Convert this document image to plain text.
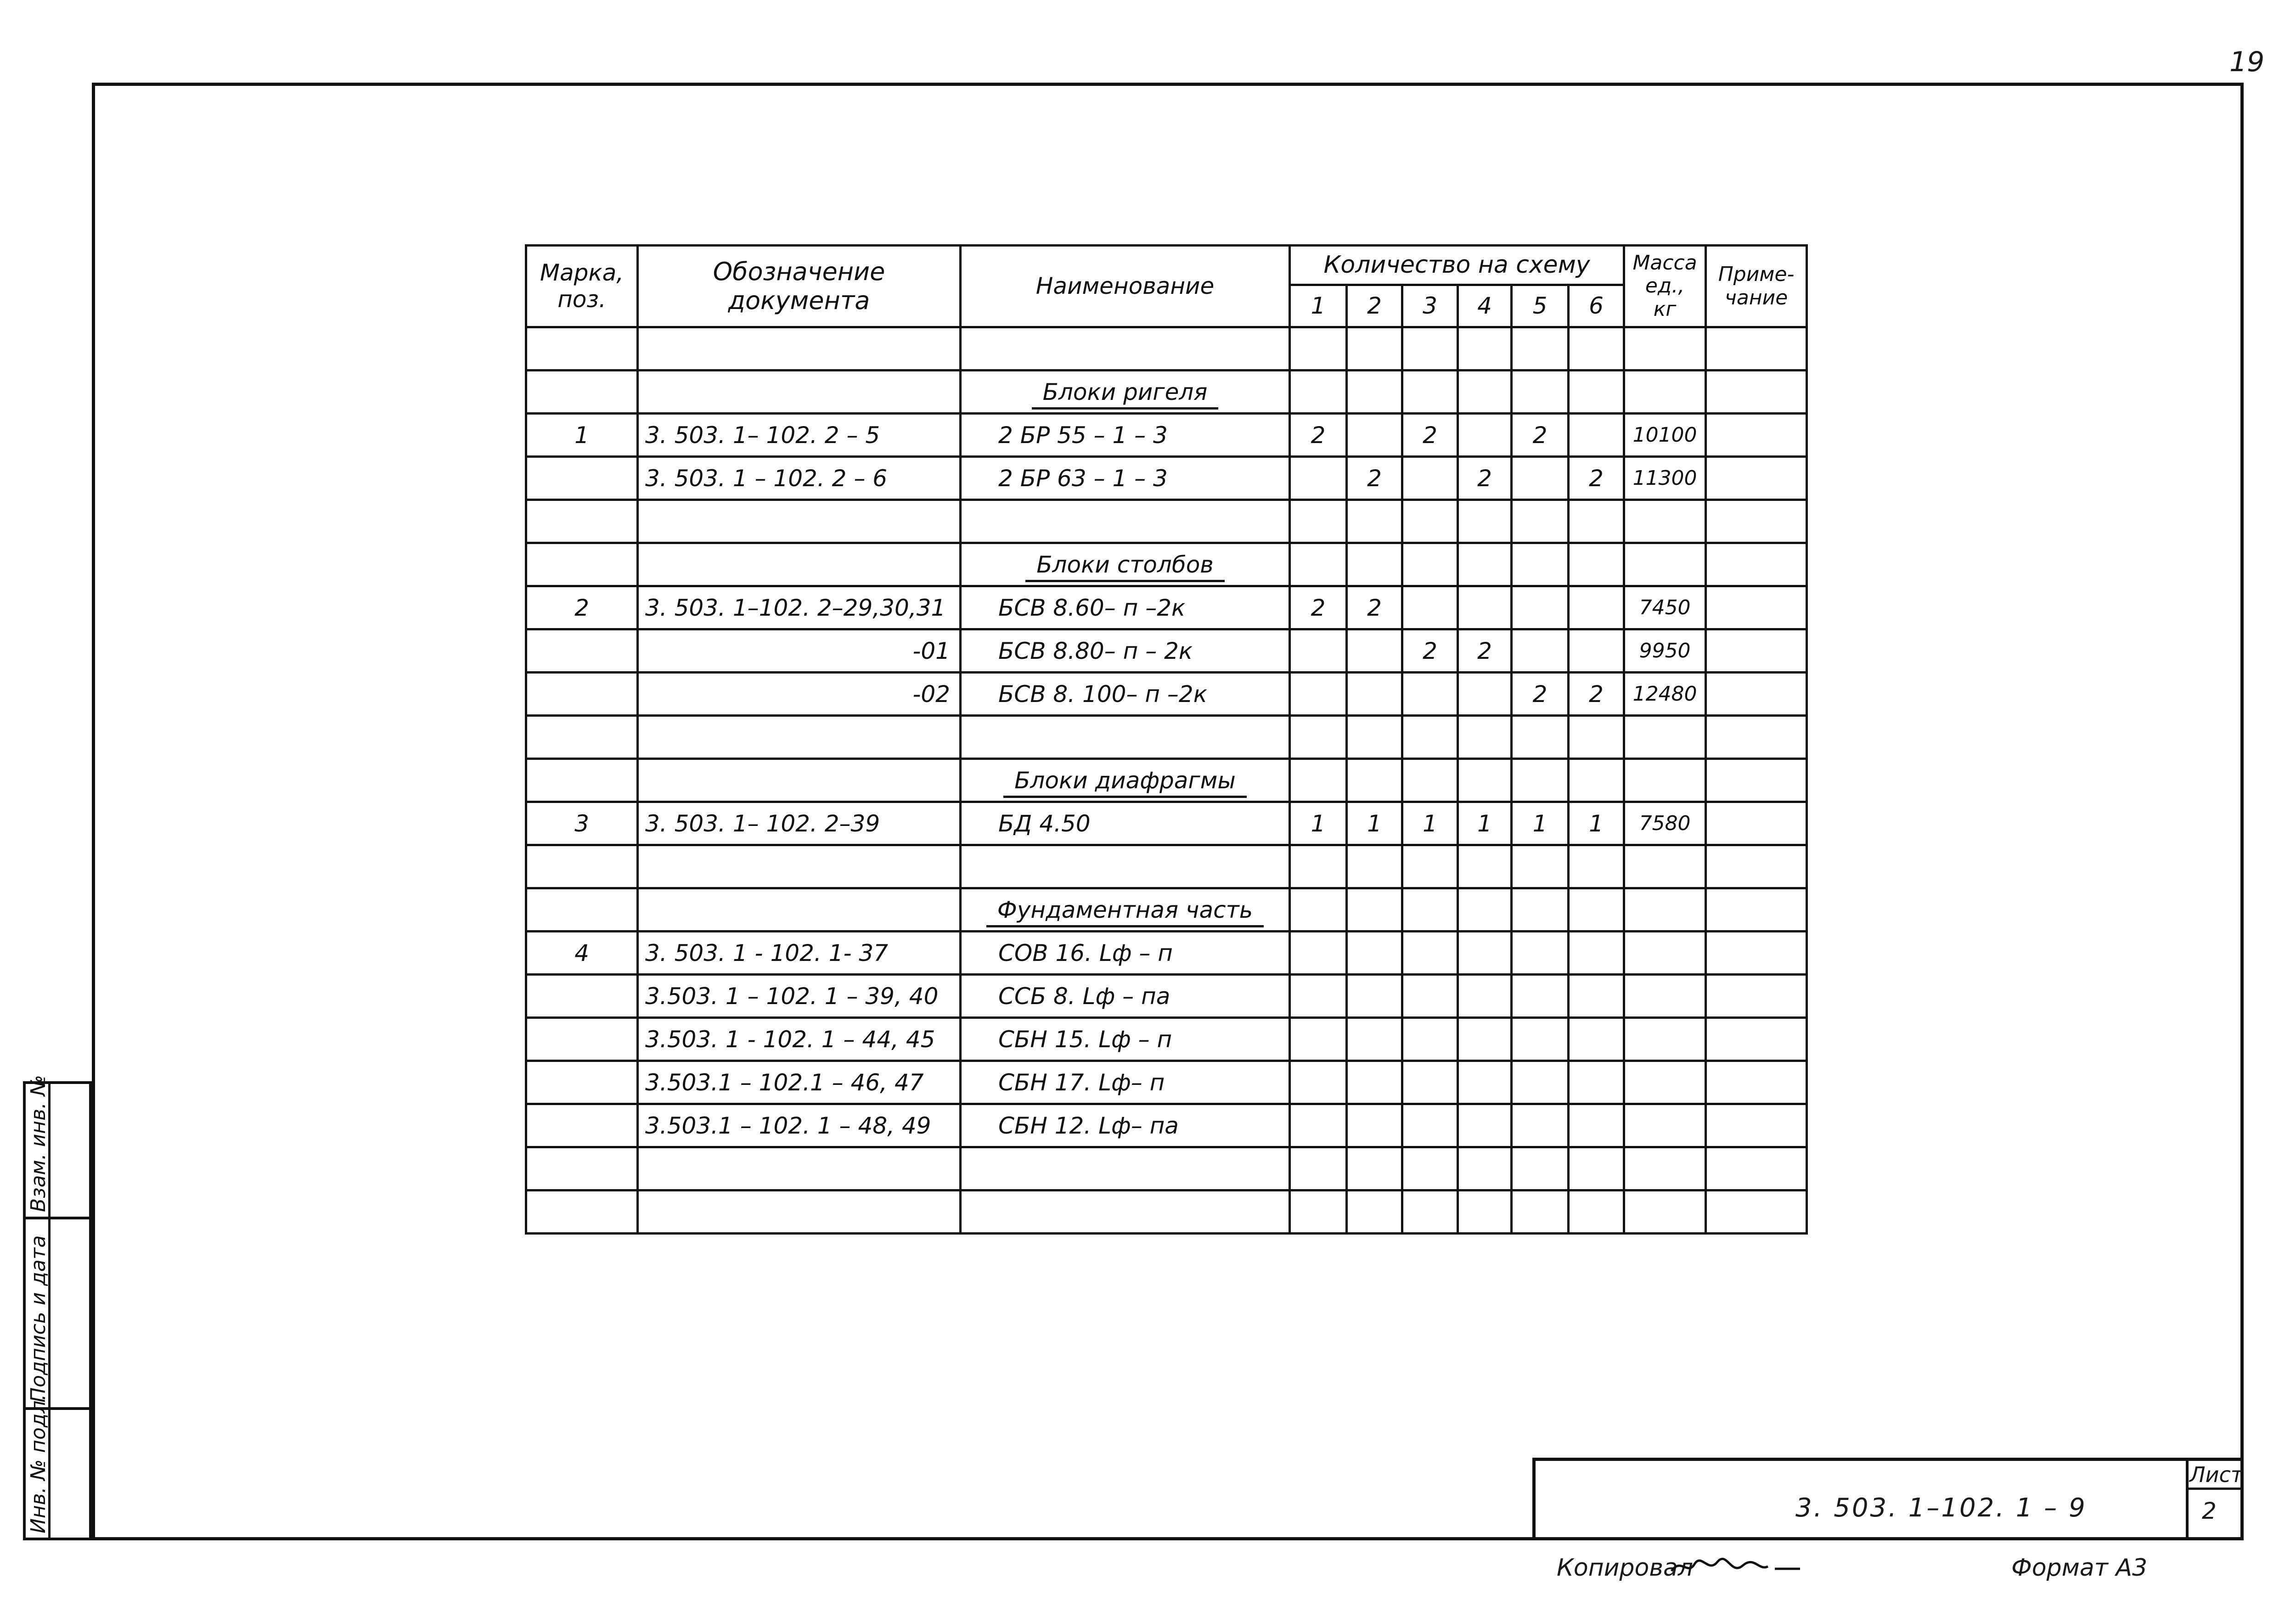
19
Марка, поз.	Обозначение документа	Наименование	Количество на схему						Масса ед., кг	Приме- чание
			1	2	3	4	5	6		

		Блоки ригеля								
1	3. 503. 1– 102. 2 – 5	2 БР 55 – 1 – 3	2		2		2		10100	
	3. 503. 1 – 102. 2 – 6	2 БР 63 – 1 – 3		2		2		2	11300	

		Блоки столбов								
2	3. 503. 1–102. 2–29,30,31	БСВ 8.60– п –2к	2	2					7450	
	-01	БСВ 8.80– п – 2к			2	2			9950	
	-02	БСВ 8. 100– п –2к					2	2	12480	

		Блоки диафрагмы								
3	3. 503. 1– 102. 2–39	БД 4.50	1	1	1	1	1	1	7580	

		Фундаментная часть								
4	3. 503. 1 - 102. 1- 37	СОВ 16. Lф – п								
	3.503. 1 – 102. 1 – 39, 40	ССБ 8. Lф – па								
	3.503. 1 - 102. 1 – 44, 45	СБН 15. Lф – п								
	3.503.1 – 102.1 – 46, 47	СБН 17. Lф– п								
	3.503.1 – 102. 1 – 48, 49	СБН 12. Lф– па								

Лист
2
3. 503. 1–102. 1 – 9
Копировал	Формат А3
Инв. № подл.
Подпись и дата
Взам. инв. №
